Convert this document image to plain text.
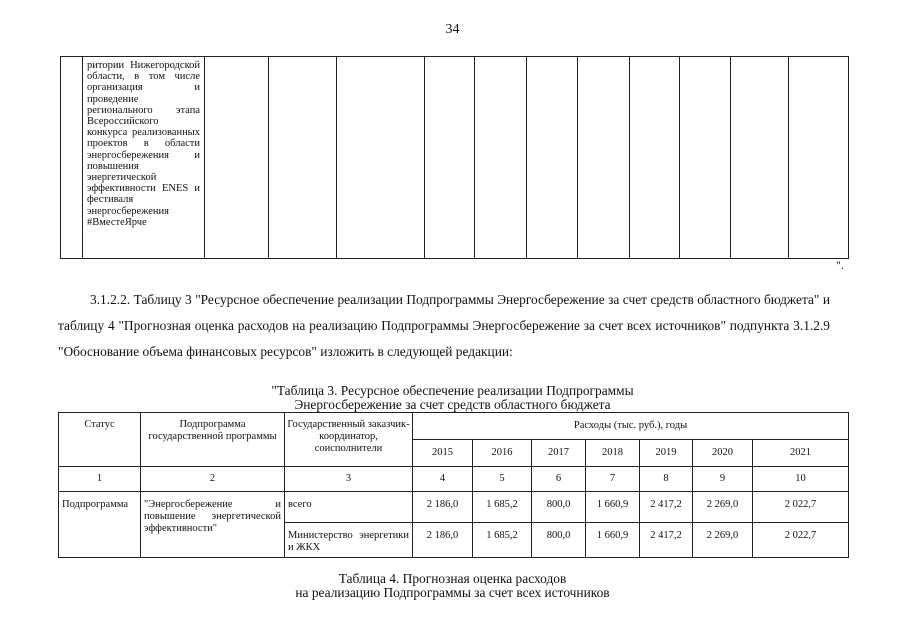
34

ритории Нижегородской области, в том числе организация и проведение регионального этапа Всероссийского конкурса реализованных проектов в области энергосбережения и повышения энергетической эффективности ENES и фестиваля энергосбережения #ВместеЯрче

".

3.1.2.2. Таблицу 3 "Ресурсное обеспечение реализации Подпрограммы Энергосбережение за счет средств областного бюджета" и таблицу 4 "Прогнозная оценка расходов на реализацию Подпрограммы Энергосбережение за счет всех источников" подпункта 3.1.2.9 "Обоснование объема финансовых ресурсов" изложить в следующей редакции:

"Таблица 3. Ресурсное обеспечение реализации Подпрограммы
Энергосбережение за счет средств областного бюджета
Статус	Подпрограмма государственной программы	Государственный заказчик-координатор, соисполнители	Расходы (тыс. руб.), годы						
			2015	2016	2017	2018	2019	2020	2021
1	2	3	4	5	6	7	8	9	10
Подпрограмма	"Энергосбережение и повышение энергетической эффективности"	всего	2 186,0	1 685,2	800,0	1 660,9	2 417,2	2 269,0	2 022,7
		Министерство энергетики и ЖКХ	2 186,0	1 685,2	800,0	1 660,9	2 417,2	2 269,0	2 022,7
Таблица 4. Прогнозная оценка расходов
на реализацию Подпрограммы за счет всех источников
